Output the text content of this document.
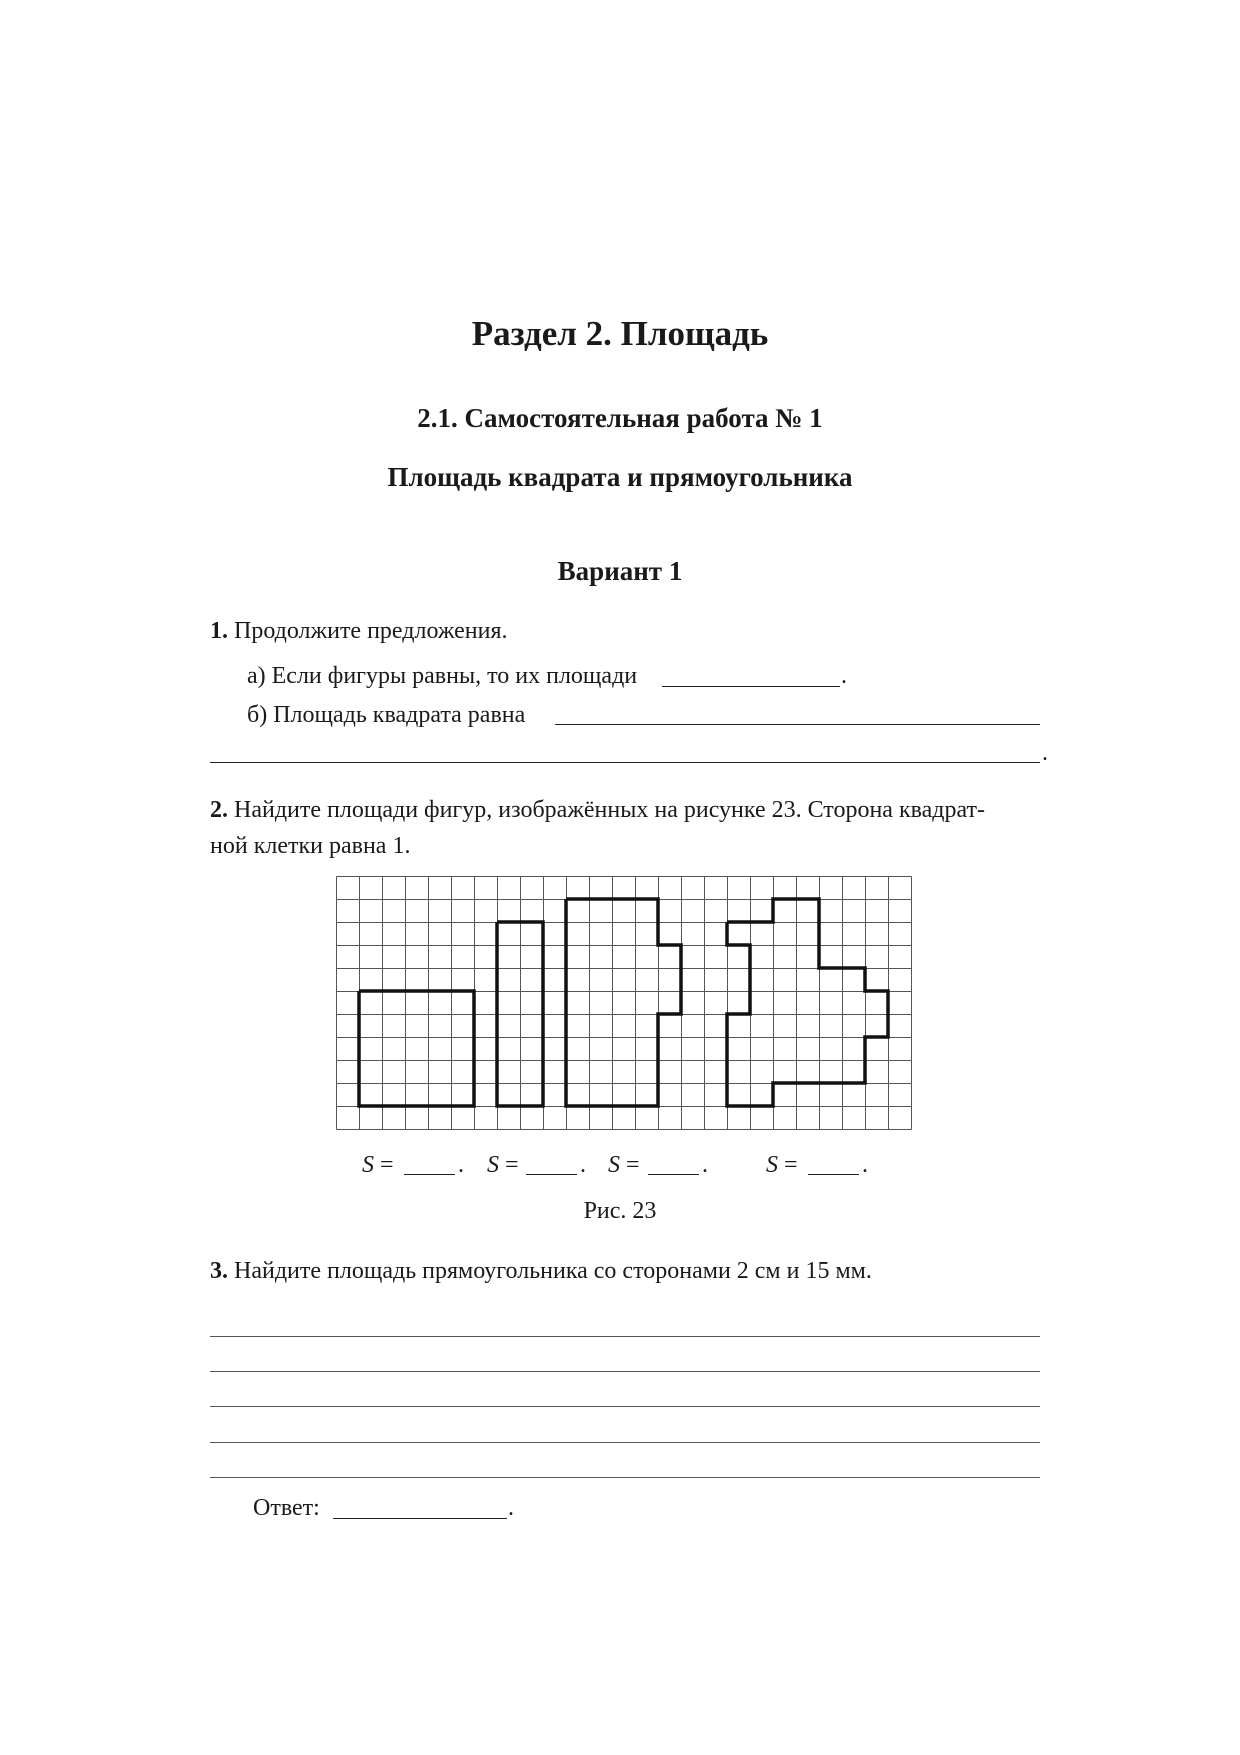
Раздел 2. Площадь
2.1. Самостоятельная работа № 1
Площадь квадрата и прямоугольника
Вариант 1
1. Продолжите предложения.
а) Если фигуры равны, то их площади	.
б) Площадь квадрата равна
.
2. Найдите площади фигур, изображённых на рисунке 23. Сторона квадрат-
ной клетки равна 1.
S =	. S =	. S =	. S =	.
Рис. 23
3. Найдите площадь прямоугольника со сторонами 2 см и 15 мм.
Ответ:	.
